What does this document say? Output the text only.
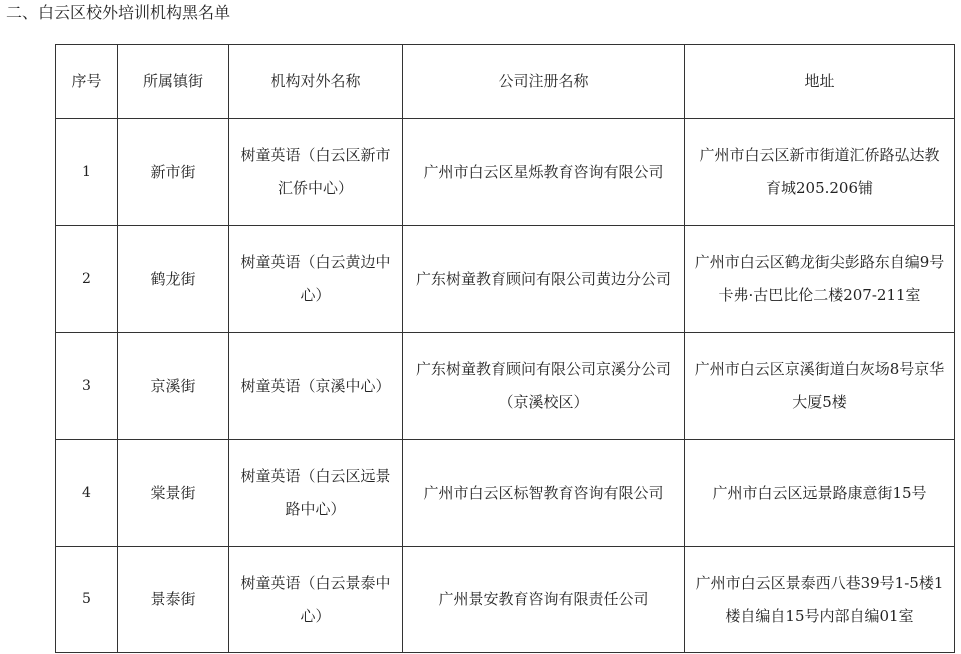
二、白云区校外培训机构黑名单
序号	所属镇街	机构对外名称	公司注册名称	地址
1	新市街	树童英语（白云区新市汇侨中心）	广州市白云区星烁教育咨询有限公司	广州市白云区新市街道汇侨路弘达教育城205.206铺
2	鹤龙街	树童英语（白云黄边中心）	广东树童教育顾问有限公司黄边分公司	广州市白云区鹤龙街尖彭路东自编9号卡弗·古巴比伦二楼207-211室
3	京溪街	树童英语（京溪中心）	广东树童教育顾问有限公司京溪分公司（京溪校区）	广州市白云区京溪街道白灰场8号京华大厦5楼
4	棠景街	树童英语（白云区远景路中心）	广州市白云区标智教育咨询有限公司	广州市白云区远景路康意街15号
5	景泰街	树童英语（白云景泰中心）	广州景安教育咨询有限责任公司	广州市白云区景泰西八巷39号1-5楼1楼自编自15号内部自编01室
